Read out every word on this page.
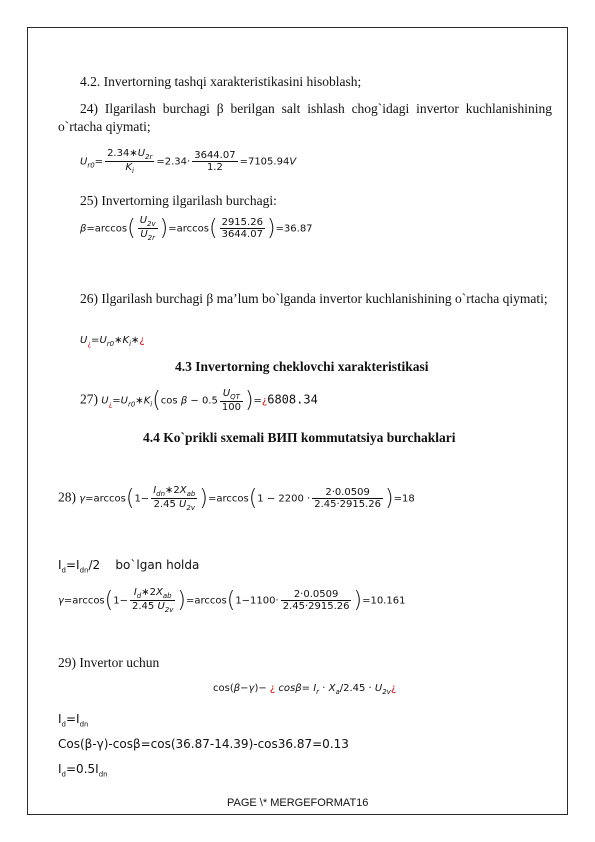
4.2. Invertorning tashqi xarakteristikasini hisoblash;
24) Ilgarilash burchagi β berilgan salt ishlash chog`idagi invertor kuchlanishining o`rtacha qiymati;
$U_{r0}= \frac{2.34∗U_{2r}}{K_i} =2.34\cdot \frac{3644.07}{1.2} =7105.94V$
25) Invertorning ilgarilash burchagi:
$\beta=\arccos( \frac{U_{2v}}{U_{2r}} )=\arccos( \frac{2915.26}{3644.07} )=36.87$
26) Ilgarilash burchagi β ma’lum bo`lganda invertor kuchlanishining o`rtacha qiymati;
$U_¿=U_{r0}∗K_i∗¿$
4.3 Invertorning cheklovchi xarakteristikasi
27) $U_¿=U_{r0}∗K_i(\cos$ $\beta - 0.5 \frac{U_{QT}}{100}$ )=¿6808.34
4.4 Ko`prikli sxemali ВИП kommutatsiya burchaklari
28) $\gamma=\arccos(1- \frac{I_{dn}∗2X_{ab}}{2.45 U_{2v}} )=\arccos(1 - 2200 \cdot \frac{2\cdot 0.0509}{2.45\cdot 2915.26} )=18$
$I_d=I_{dn}/2$    bo`lgan holda
$\gamma=\arccos(1- \frac{I_d∗2X_{ab}}{2.45 U_{2v}} )=\arccos(1-1100\cdot \frac{2\cdot 0.0509}{2.45\cdot 2915.26} )=10.161$
29) Invertor uchun
cos(β−γ)− ¿ $\cos\beta= I_r \cdot X_a/2.45$ · $U_{2v}¿$
$I_d=I_{dn}$
Cos(β-γ)-cosβ=cos(36.87-14.39)-cos36.87=0.13
$I_d=0.5I_{dn}$
PAGE \* MERGEFORMAT16
